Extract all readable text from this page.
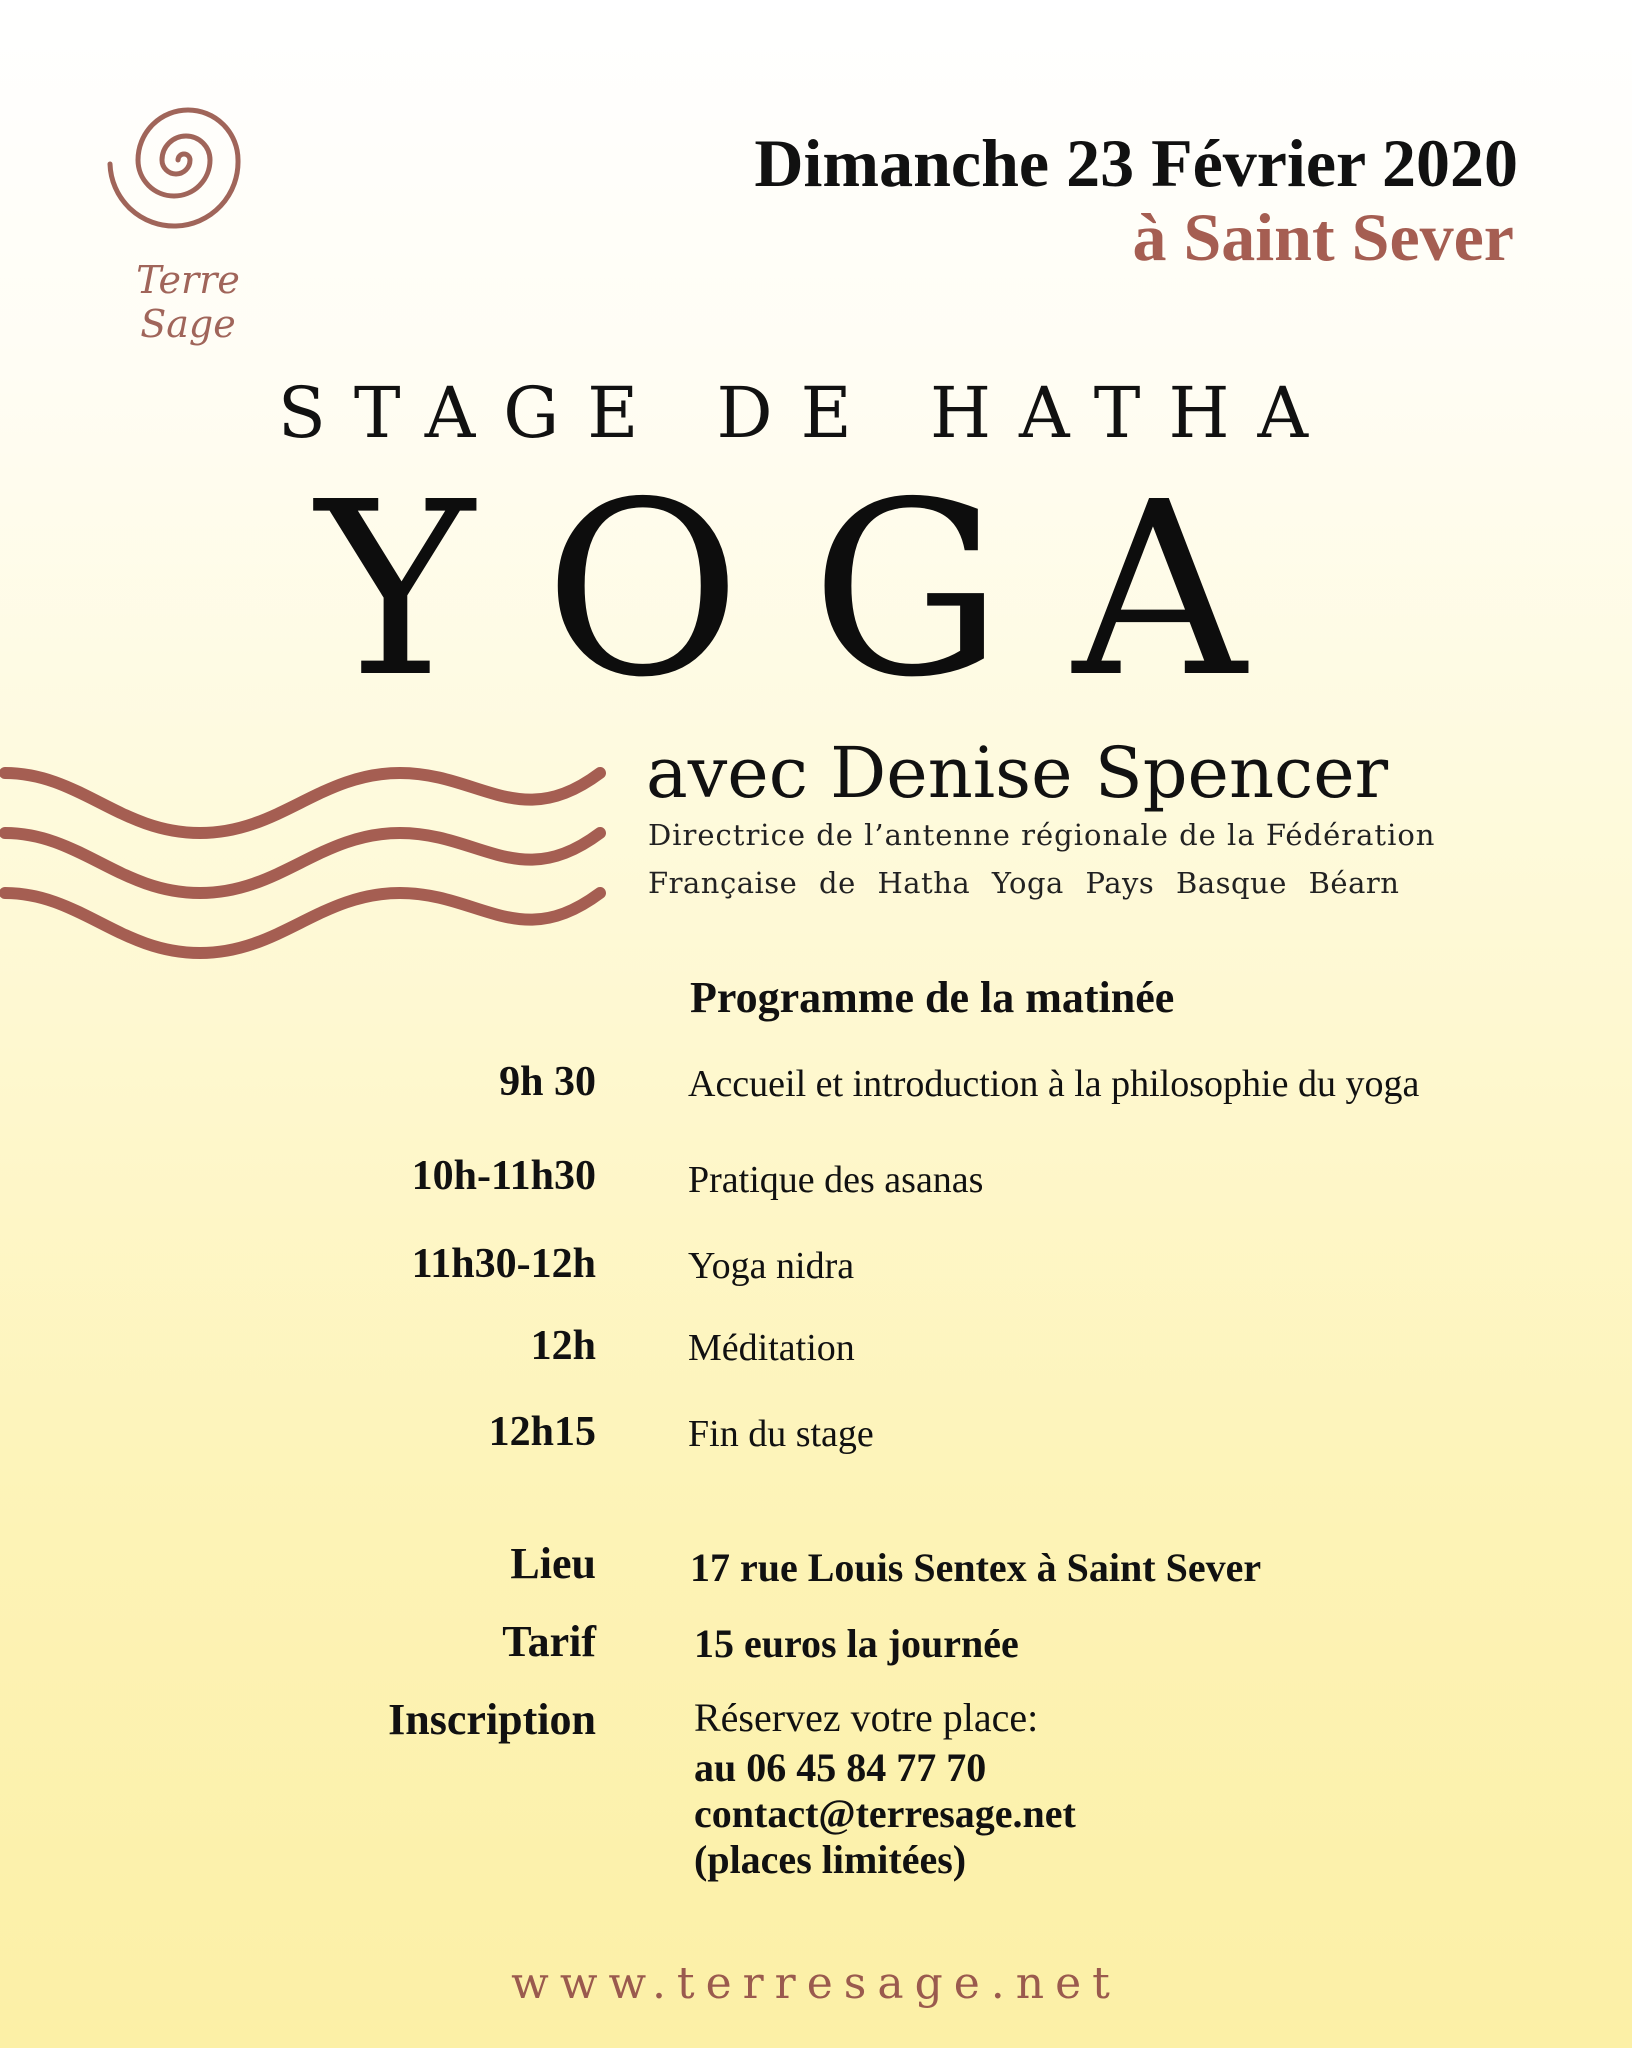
Terre Sage
Dimanche 23 Février 2020
à Saint Sever
STAGE DE HATHA
YOGA
avec Denise Spencer
Directrice de l’antenne régionale de la Fédération
Française de Hatha Yoga Pays Basque Béarn
Programme de la matinée
9h 30 Accueil et introduction à la philosophie du yoga
10h-11h30 Pratique des asanas
11h30-12h Yoga nidra
12h Méditation
12h15 Fin du stage
Lieu 17 rue Louis Sentex à Saint Sever
Tarif 15 euros la journée
Inscription Réservez votre place:
au 06 45 84 77 70
contact@terresage.net
(places limitées)
www.terresage.net
